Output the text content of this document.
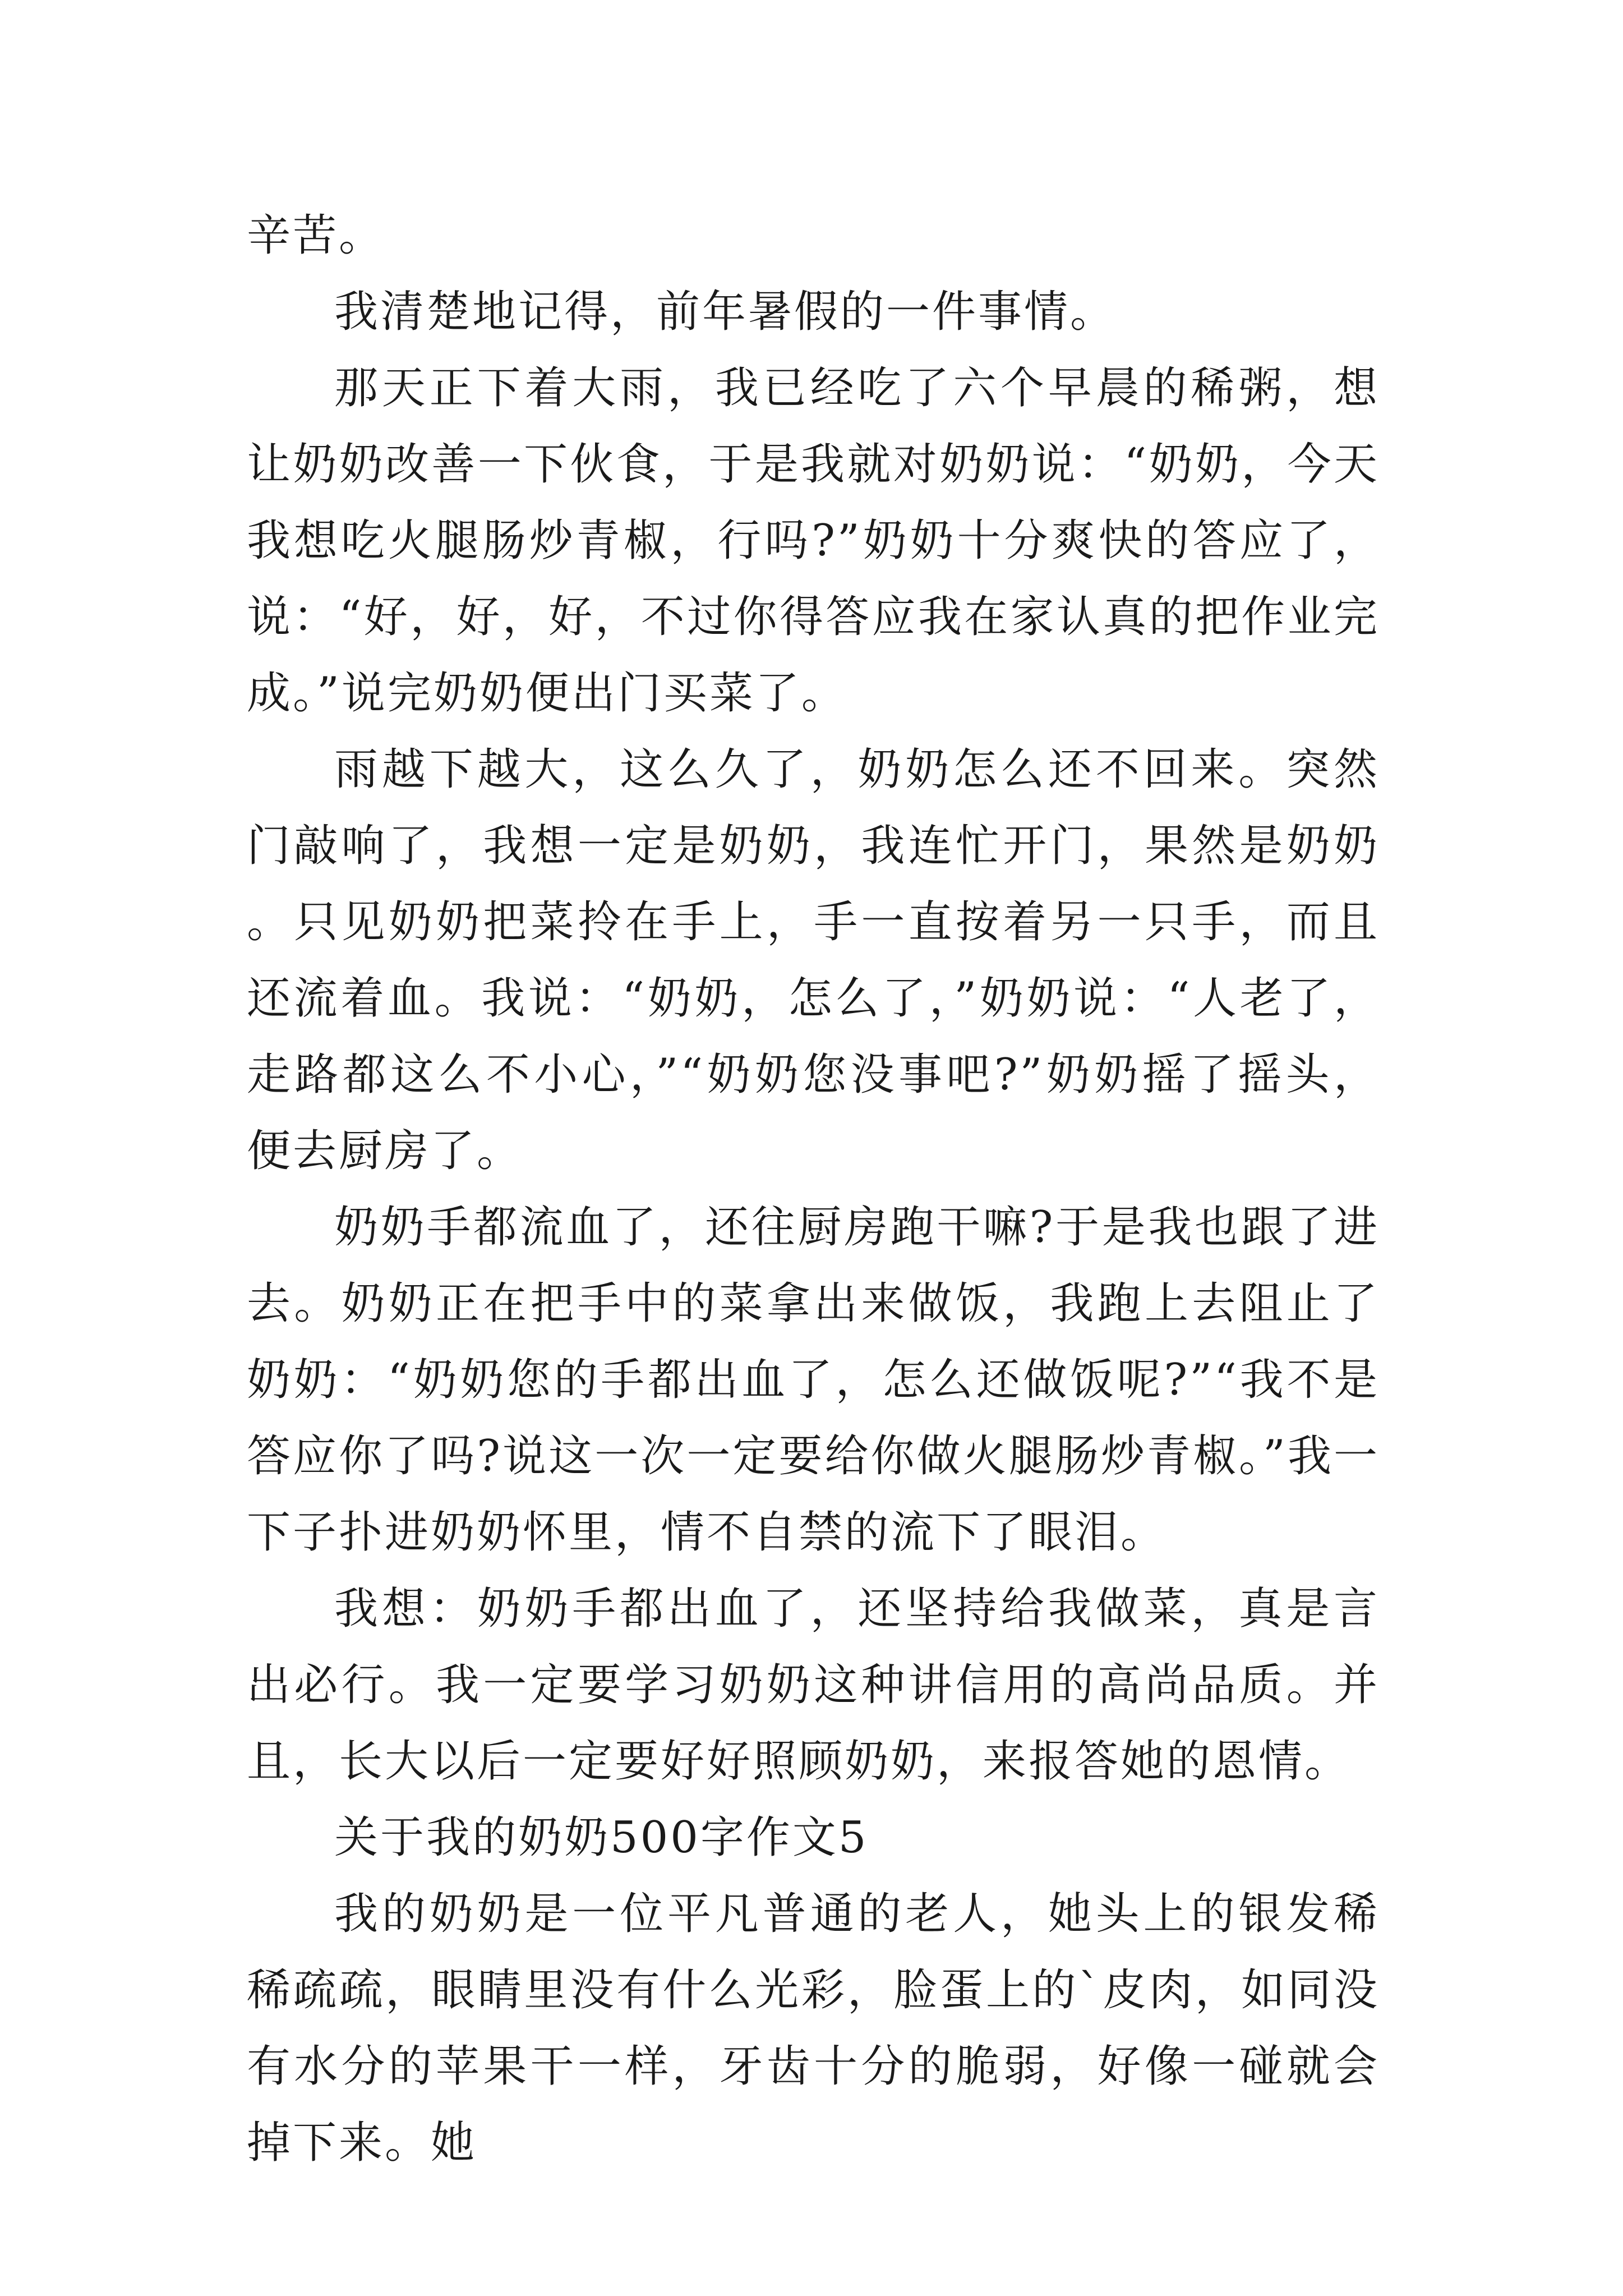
辛苦。

我清楚地记得，前年暑假的一件事情。

那天正下着大雨，我已经吃了六个早晨的稀粥，想让奶奶改善一下伙食，于是我就对奶奶说：“奶奶，今天我想吃火腿肠炒青椒，行吗?”奶奶十分爽快的答应了，说：“好，好，好，不过你得答应我在家认真的把作业完成。”说完奶奶便出门买菜了。

雨越下越大，这么久了，奶奶怎么还不回来。突然门敲响了，我想一定是奶奶，我连忙开门，果然是奶奶。只见奶奶把菜拎在手上，手一直按着另一只手，而且还流着血。我说：“奶奶，怎么了，”奶奶说：“人老了，走路都这么不小心，”“奶奶您没事吧?”奶奶摇了摇头，便去厨房了。

奶奶手都流血了，还往厨房跑干嘛?于是我也跟了进去。奶奶正在把手中的菜拿出来做饭，我跑上去阻止了奶奶：“奶奶您的手都出血了，怎么还做饭呢?”“我不是答应你了吗?说这一次一定要给你做火腿肠炒青椒。”我一下子扑进奶奶怀里，情不自禁的流下了眼泪。

我想：奶奶手都出血了，还坚持给我做菜，真是言出必行。我一定要学习奶奶这种讲信用的高尚品质。并且，长大以后一定要好好照顾奶奶，来报答她的恩情。

关于我的奶奶500字作文5

我的奶奶是一位平凡普通的老人，她头上的银发稀稀疏疏，眼睛里没有什么光彩，脸蛋上的`皮肉，如同没有水分的苹果干一样，牙齿十分的脆弱，好像一碰就会掉下来。她
